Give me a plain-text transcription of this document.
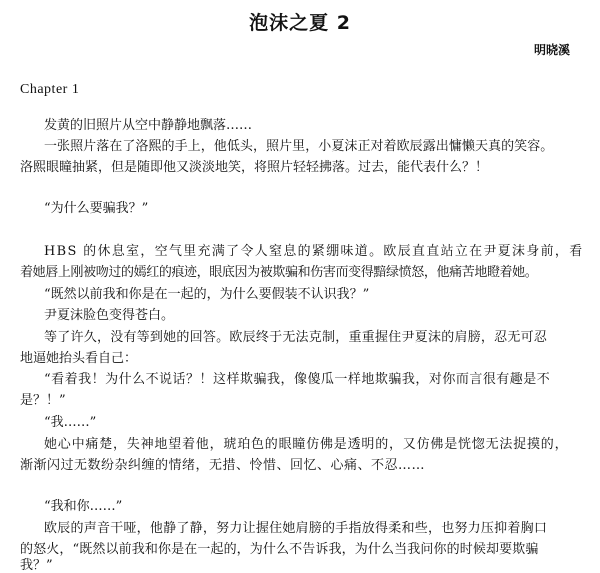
泡沫之夏 2
明晓溪
Chapter 1
发黄的旧照片从空中静静地飘落……
一张照片落在了洛熙的手上，他低头，照片里，小夏沫正对着欧辰露出慵懒天真的笑容。
洛熙眼瞳抽紧，但是随即他又淡淡地笑，将照片轻轻拂落。过去，能代表什么？！
“为什么要骗我？”
HBS 的休息室，空气里充满了令人窒息的紧绷味道。欧辰直直站立在尹夏沫身前，看
着她唇上刚被吻过的嫣红的痕迹，眼底因为被欺骗和伤害而变得黯绿愤怒，他痛苦地瞪着她。
“既然以前我和你是在一起的，为什么要假装不认识我？”
尹夏沫脸色变得苍白。
等了许久，没有等到她的回答。欧辰终于无法克制，重重握住尹夏沫的肩膀，忍无可忍
地逼她抬头看自己：
“看着我！为什么不说话？！这样欺骗我，像傻瓜一样地欺骗我，对你而言很有趣是不
是？！”
“我……”
她心中痛楚，失神地望着他，琥珀色的眼瞳仿佛是透明的，又仿佛是恍惚无法捉摸的，
渐渐闪过无数纷杂纠缠的情绪，无措、怜惜、回忆、心痛、不忍……
“我和你……”
欧辰的声音干哑，他静了静，努力让握住她肩膀的手指放得柔和些，也努力压抑着胸口
的怒火，“既然以前我和你是在一起的，为什么不告诉我，为什么当我问你的时候却要欺骗
我？”
